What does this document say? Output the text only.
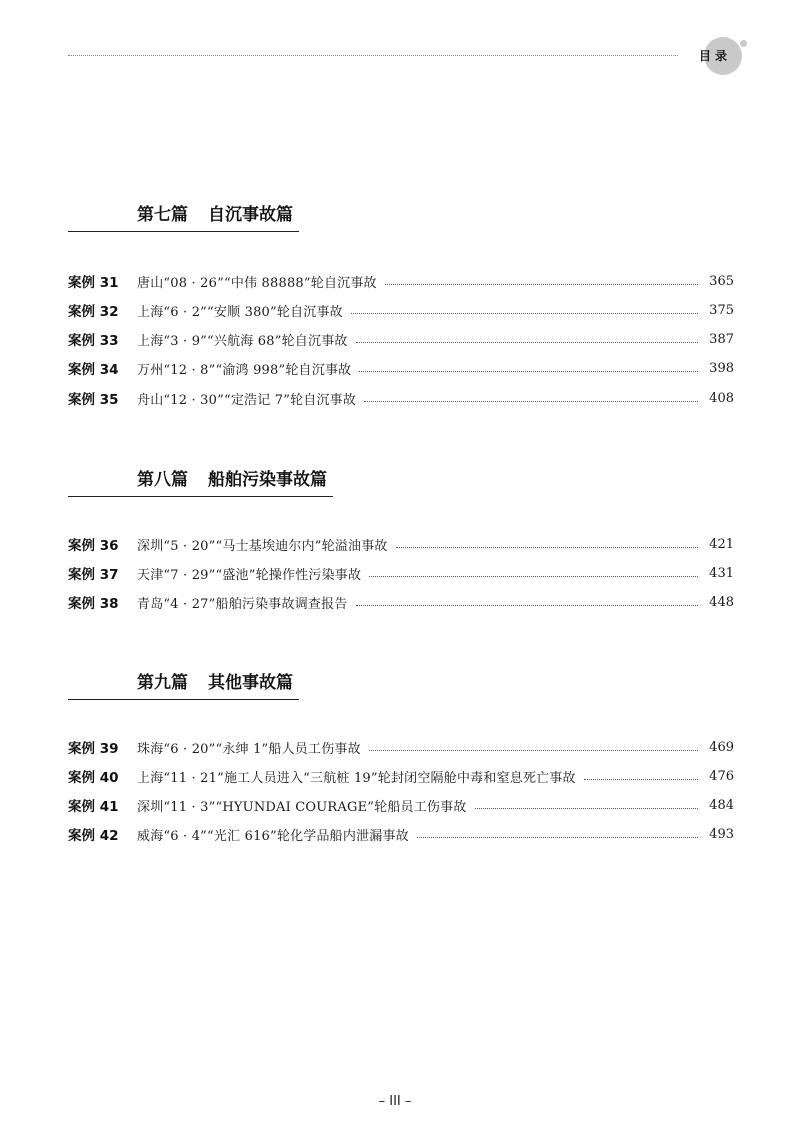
目录
第七篇 自沉事故篇
案例 31	唐山“08 · 26”“中伟 88888”轮自沉事故	365
案例 32	上海“6 · 2”“安顺 380”轮自沉事故	375
案例 33	上海“3 · 9”“兴航海 68”轮自沉事故	387
案例 34	万州“12 · 8”“渝鸿 998”轮自沉事故	398
案例 35	舟山“12 · 30”“定浩记 7”轮自沉事故	408
第八篇 船舶污染事故篇
案例 36	深圳“5 · 20”“马士基埃迪尔内”轮溢油事故	421
案例 37	天津“7 · 29”“盛池”轮操作性污染事故	431
案例 38	青岛“4 · 27”船舶污染事故调查报告	448
第九篇 其他事故篇
案例 39	珠海“6 · 20”“永绅 1”船人员工伤事故	469
案例 40	上海“11 · 21”施工人员进入“三航桩 19”轮封闭空隔舱中毒和窒息死亡事故	476
案例 41	深圳“11 · 3”“HYUNDAI COURAGE”轮船员工伤事故	484
案例 42	威海“6 · 4”“光汇 616”轮化学品船内泄漏事故	493
– III –
